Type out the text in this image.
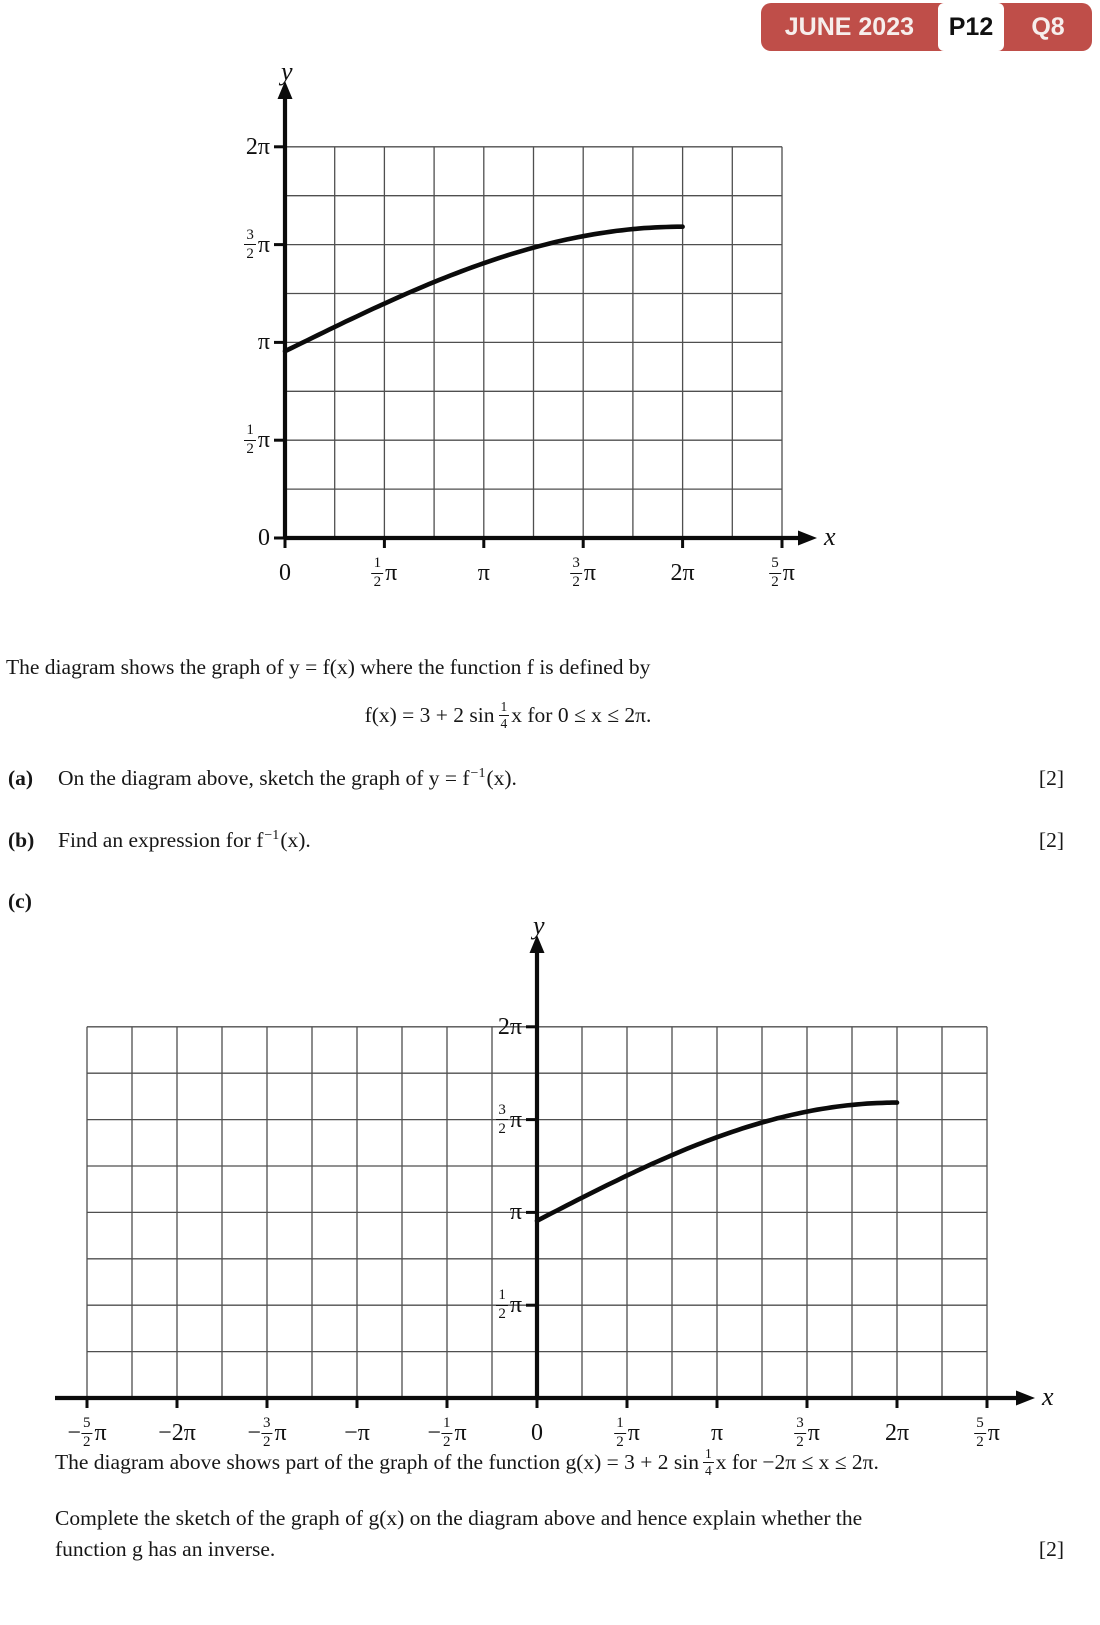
JUNE 2023	P12	Q8
x
y
0	$\frac{1}{2}$ π	π	$\frac{3}{2}$ π	2π	$\frac{5}{2}$ π
2π
$\frac{3}{2}$ π
π
$\frac{1}{2}$ π
0
The diagram shows the graph of y = f(x) where the function f is defined by
f(x) = 3 + 2 $\sin \frac{1}{4}$ x for 0 ≤ x ≤ 2π.
(a) On the diagram above, sketch the graph of $y = f^{-1}(x)$.	[2]
(b) Find an expression for $f^{-1}(x)$.	[2]
(c)
x
y
− $\frac{5}{2}$ $\pi -2\pi - \frac{3}{2}$ $\pi -\pi - \frac{1}{2}$ π	0	$\frac{1}{2}$ π	π	$\frac{3}{2}$ π	2π	$\frac{5}{2}$ π
2π
$\frac{3}{2}$ π
π
$\frac{1}{2}$ π
The diagram above shows part of the graph of the function g(x) = 3 + 2 $\sin \frac{1}{4}$ x for −2π ≤ x ≤ 2π.
Complete the sketch of the graph of g(x) on the diagram above and hence explain whether the
function g has an inverse.	[2]
